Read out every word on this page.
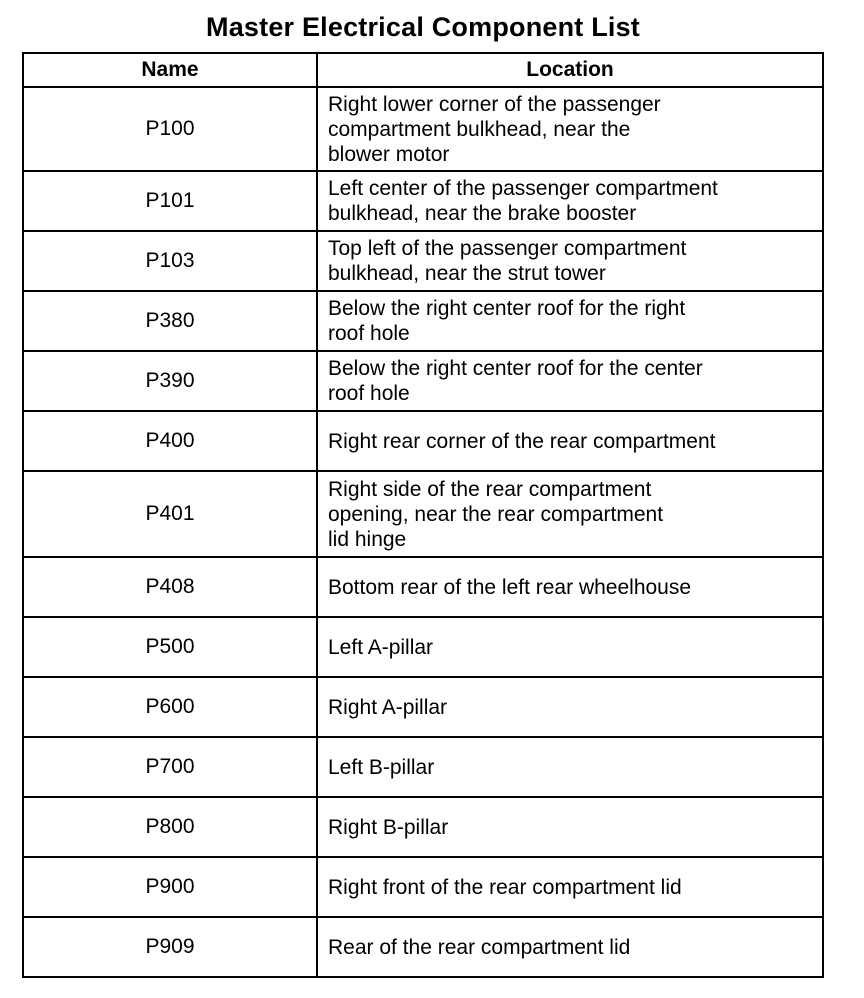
Master Electrical Component List
Name	Location
P100	Right lower corner of the passenger
compartment bulkhead, near the
blower motor
P101	Left center of the passenger compartment
bulkhead, near the brake booster
P103	Top left of the passenger compartment
bulkhead, near the strut tower
P380	Below the right center roof for the right
roof hole
P390	Below the right center roof for the center
roof hole
P400	Right rear corner of the rear compartment
P401	Right side of the rear compartment
opening, near the rear compartment
lid hinge
P408	Bottom rear of the left rear wheelhouse
P500	Left A-pillar
P600	Right A-pillar
P700	Left B-pillar
P800	Right B-pillar
P900	Right front of the rear compartment lid
P909	Rear of the rear compartment lid
